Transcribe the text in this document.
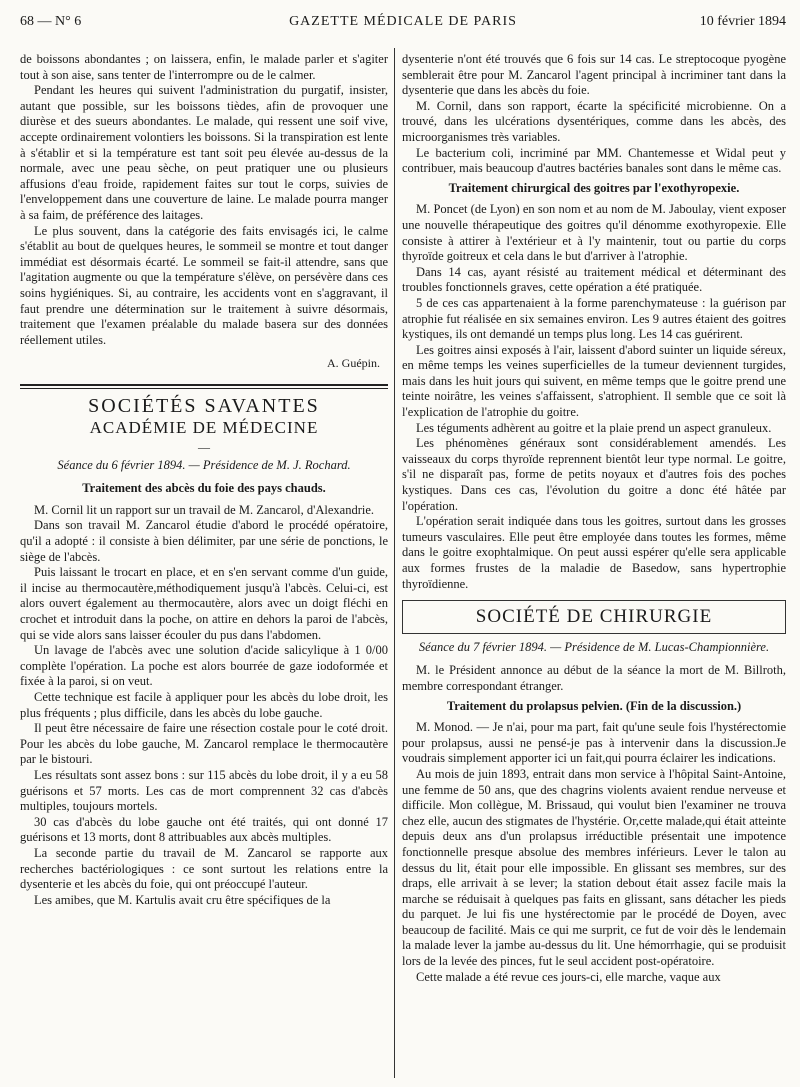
68 — N° 6	GAZETTE MÉDICALE DE PARIS	10 février 1894

de boissons abondantes ; on laissera, enfin, le malade parler et s'agiter tout à son aise, sans tenter de l'interrompre ou de le calmer.

Pendant les heures qui suivent l'administration du purgatif, insister, autant que possible, sur les boissons tièdes, afin de provoquer une diurèse et des sueurs abondantes. Le malade, qui ressent une soif vive, accepte ordinairement volontiers les boissons. Si la transpiration est lente à s'établir et si la température est tant soit peu élevée au-dessus de la normale, avec une peau sèche, on peut pratiquer une ou plusieurs affusions d'eau froide, rapidement faites sur tout le corps, suivies de l'enveloppement dans une couverture de laine. Le malade pourra manger à sa faim, de préférence des laitages.

Le plus souvent, dans la catégorie des faits envisagés ici, le calme s'établit au bout de quelques heures, le sommeil se montre et tout danger immédiat est désormais écarté. Le sommeil se fait-il attendre, sans que l'agitation augmente ou que la température s'élève, on persévère dans ces soins hygiéniques. Si, au contraire, les accidents vont en s'aggravant, il faut prendre une détermination sur le traitement à suivre désormais, traitement que l'examen préalable du malade basera sur des données réellement utiles.

A. Guépin.
SOCIÉTÉS SAVANTES
ACADÉMIE DE MÉDECINE
—
Séance du 6 février 1894. — Présidence de M. J. Rochard.
Traitement des abcès du foie des pays chauds.

M. Cornil lit un rapport sur un travail de M. Zancarol, d'Alexandrie.

Dans son travail M. Zancarol étudie d'abord le procédé opératoire, qu'il a adopté : il consiste à bien délimiter, par une série de ponctions, le siège de l'abcès.

Puis laissant le trocart en place, et en s'en servant comme d'un guide, il incise au thermocautère,méthodiquement jusqu'à l'abcès. Celui-ci, est alors ouvert également au thermocautère, alors avec un doigt fléchi en crochet et introduit dans la poche, on attire en dehors la paroi de l'abcès, qui se vide alors sans laisser écouler du pus dans l'abdomen.

Un lavage de l'abcès avec une solution d'acide salicylique à 1 0/00 complète l'opération. La poche est alors bourrée de gaze iodoformée et fixée à la paroi, si on veut.

Cette technique est facile à appliquer pour les abcès du lobe droit, les plus fréquents ; plus difficile, dans les abcès du lobe gauche.

Il peut être nécessaire de faire une résection costale pour le coté droit. Pour les abcès du lobe gauche, M. Zancarol remplace le thermocautère par le bistouri.

Les résultats sont assez bons : sur 115 abcès du lobe droit, il y a eu 58 guérisons et 57 morts. Les cas de mort comprennent 32 cas d'abcès multiples, toujours mortels.

30 cas d'abcès du lobe gauche ont été traités, qui ont donné 17 guérisons et 13 morts, dont 8 attribuables aux abcès multiples.

La seconde partie du travail de M. Zancarol se rapporte aux recherches bactériologiques : ce sont surtout les relations entre la dysenterie et les abcès du foie, qui ont préoccupé l'auteur.

Les amibes, que M. Kartulis avait cru être spécifiques de la

dysenterie n'ont été trouvés que 6 fois sur 14 cas. Le streptocoque pyogène semblerait être pour M. Zancarol l'agent principal à incriminer tant dans la dysenterie que dans les abcès du foie.

M. Cornil, dans son rapport, écarte la spécificité microbienne. On a trouvé, dans les ulcérations dysentériques, comme dans les abcès, des microorganismes très variables.

Le bacterium coli, incriminé par MM. Chantemesse et Widal peut y contribuer, mais beaucoup d'autres bactéries banales sont dans le même cas.

Traitement chirurgical des goitres par l'exothyropexie.

M. Poncet (de Lyon) en son nom et au nom de M. Jaboulay, vient exposer une nouvelle thérapeutique des goitres qu'il dénomme exothyropexie. Elle consiste à attirer à l'extérieur et à l'y maintenir, tout ou partie du corps thyroïde goitreux et cela dans le but d'arriver à l'atrophie.

Dans 14 cas, ayant résisté au traitement médical et déterminant des troubles fonctionnels graves, cette opération a été pratiquée.

5 de ces cas appartenaient à la forme parenchymateuse : la guérison par atrophie fut réalisée en six semaines environ. Les 9 autres étaient des goitres kystiques, ils ont demandé un temps plus long. Les 14 cas guérirent.

Les goitres ainsi exposés à l'air, laissent d'abord suinter un liquide séreux, en même temps les veines superficielles de la tumeur deviennent turgides, mais dans les huit jours qui suivent, en même temps que le goitre prend une teinte noirâtre, les veines s'affaissent, s'atrophient. Il semble que ce soit là l'explication de l'atrophie du goitre.

Les téguments adhèrent au goitre et la plaie prend un aspect granuleux.

Les phénomènes généraux sont considérablement amendés. Les vaisseaux du corps thyroïde reprennent bientôt leur type normal. Le goitre, s'il ne disparaît pas, forme de petits noyaux et d'autres fois des poches kystiques. Dans ces cas, l'évolution du goitre a donc été hâtée par l'opération.

L'opération serait indiquée dans tous les goitres, surtout dans les grosses tumeurs vasculaires. Elle peut être employée dans toutes les formes, même dans le goitre exophtalmique. On peut aussi espérer qu'elle sera applicable aux formes frustes de la maladie de Basedow, sans hypertrophie thyroïdienne.

SOCIÉTÉ DE CHIRURGIE
Séance du 7 février 1894. — Présidence de M. Lucas-Championnière.

M. le Président annonce au début de la séance la mort de M. Billroth, membre correspondant étranger.

Traitement du prolapsus pelvien. (Fin de la discussion.)

M. Monod. — Je n'ai, pour ma part, fait qu'une seule fois l'hystérectomie pour prolapsus, aussi ne pensé-je pas à intervenir dans la discussion.Je voudrais simplement apporter ici un fait,qui pourra éclairer les indications.

Au mois de juin 1893, entrait dans mon service à l'hôpital Saint-Antoine, une femme de 50 ans, que des chagrins violents avaient rendue nerveuse et difficile. Mon collègue, M. Brissaud, qui voulut bien l'examiner ne trouva chez elle, aucun des stigmates de l'hystérie. Or,cette malade,qui était atteinte depuis deux ans d'un prolapsus irréductible présentait une impotence fonctionnelle presque absolue des membres inférieurs. Lever le talon au dessus du lit, était pour elle impossible. En glissant ses membres, sur des draps, elle arrivait à se lever; la station debout était assez facile mais la marche se réduisait à quelques pas faits en glissant, sans détacher les pieds du parquet. Je lui fis une hystérectomie par le procédé de Doyen, avec beaucoup de facilité. Mais ce qui me surprit, ce fut de voir dès le lendemain la malade lever la jambe au-dessus du lit. Une hémorrhagie, qui se produisit lors de la levée des pinces, fut le seul accident post-opératoire.

Cette malade a été revue ces jours-ci, elle marche, vaque aux
